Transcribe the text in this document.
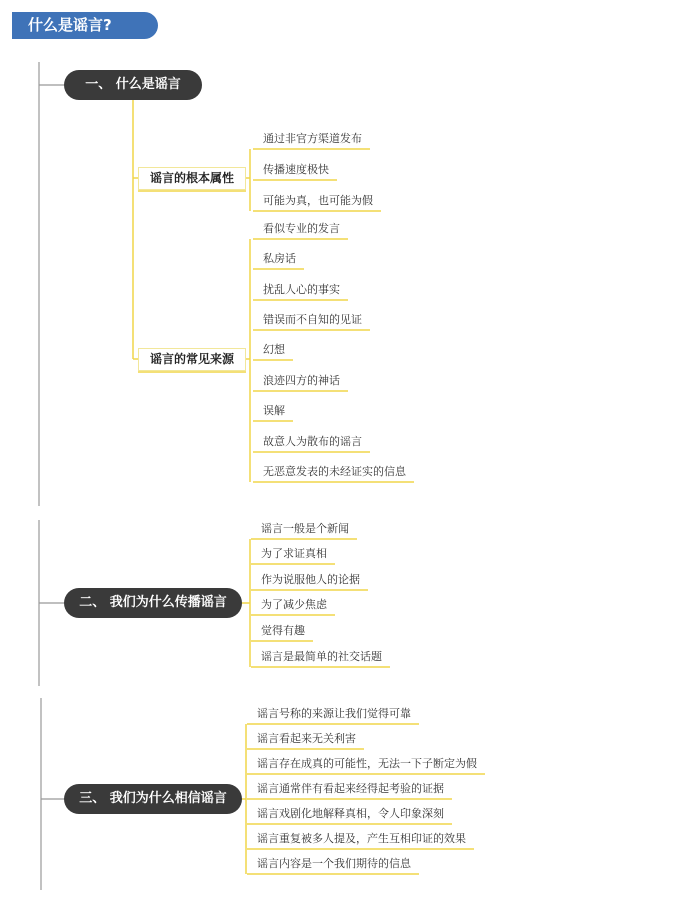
什么是谣言?
一、 什么是谣言
谣言的根本属性
通过非官方渠道发布
传播速度极快
可能为真，也可能为假
谣言的常见来源
看似专业的发言
私房话
扰乱人心的事实
错误而不自知的见证
幻想
浪迹四方的神话
误解
故意人为散布的谣言
无恶意发表的未经证实的信息
二、 我们为什么传播谣言
谣言一般是个新闻
为了求证真相
作为说服他人的论据
为了减少焦虑
觉得有趣
谣言是最简单的社交话题
三、 我们为什么相信谣言
谣言号称的来源让我们觉得可靠
谣言看起来无关利害
谣言存在成真的可能性，无法一下子断定为假
谣言通常伴有看起来经得起考验的证据
谣言戏剧化地解释真相，令人印象深刻
谣言重复被多人提及，产生互相印证的效果
谣言内容是一个我们期待的信息
